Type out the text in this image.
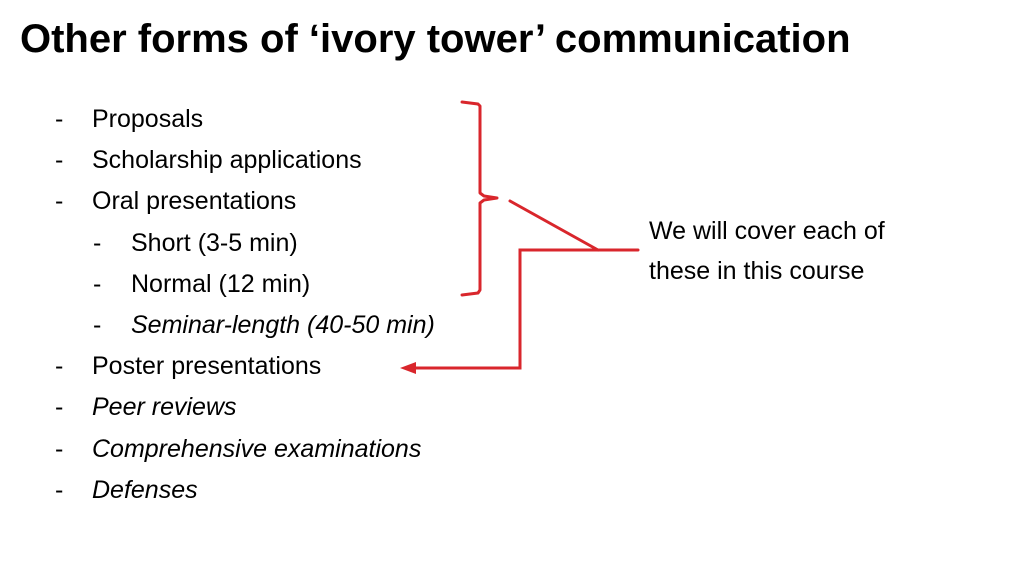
Other forms of ‘ivory tower’ communication
- Proposals
- Scholarship applications
- Oral presentations
- Short (3-5 min)
- Normal (12 min)
- Seminar-length (40-50 min)
- Poster presentations
- Peer reviews
- Comprehensive examinations
- Defenses
We will cover each of
these in this course
